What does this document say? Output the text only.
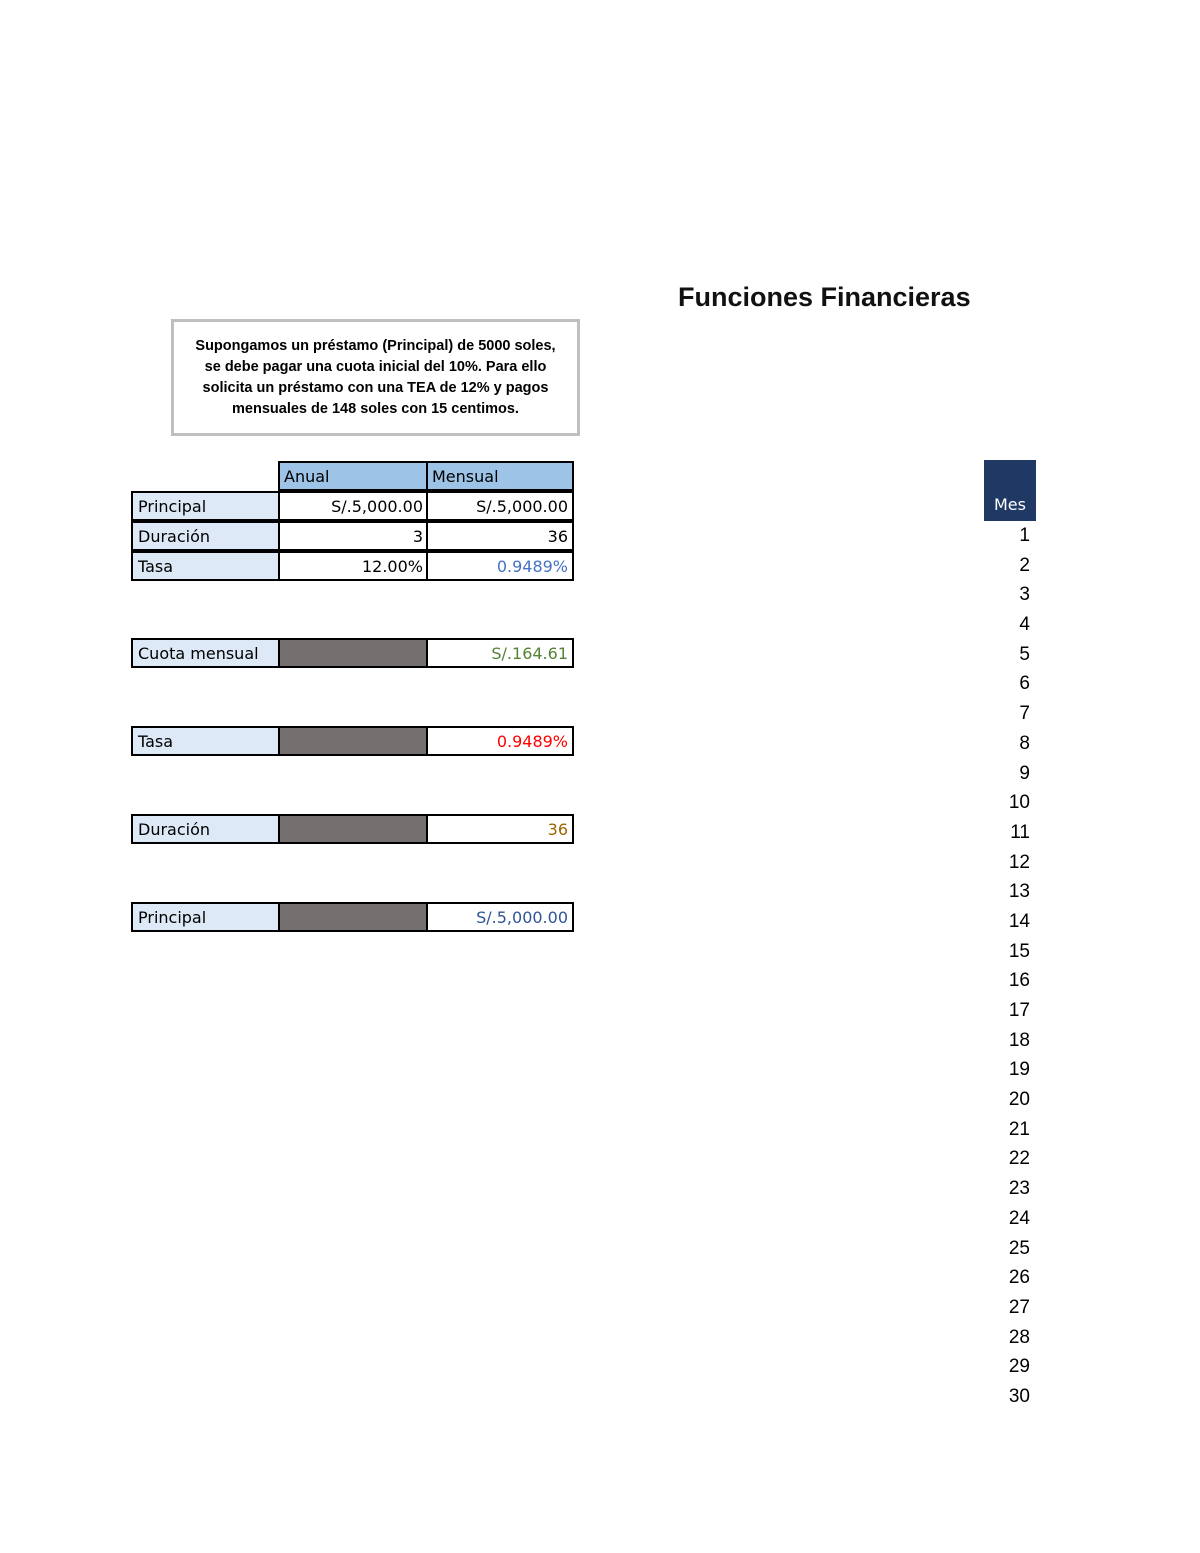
Funciones Financieras
Supongamos un préstamo (Principal) de 5000 soles, se debe pagar una cuota inicial del 10%. Para ello solicita un préstamo con una TEA de 12% y pagos mensuales de 148 soles con 15 centimos.
Anual	Mensual
Principal	S/.5,000.00	S/.5,000.00
Duración	3	36
Tasa	12.00%	0.9489%
Cuota mensual	S/.164.61
Tasa	0.9489%
Duración	36
Principal	S/.5,000.00
Mes
1
2
3
4
5
6
7
8
9
10
11
12
13
14
15
16
17
18
19
20
21
22
23
24
25
26
27
28
29
30
